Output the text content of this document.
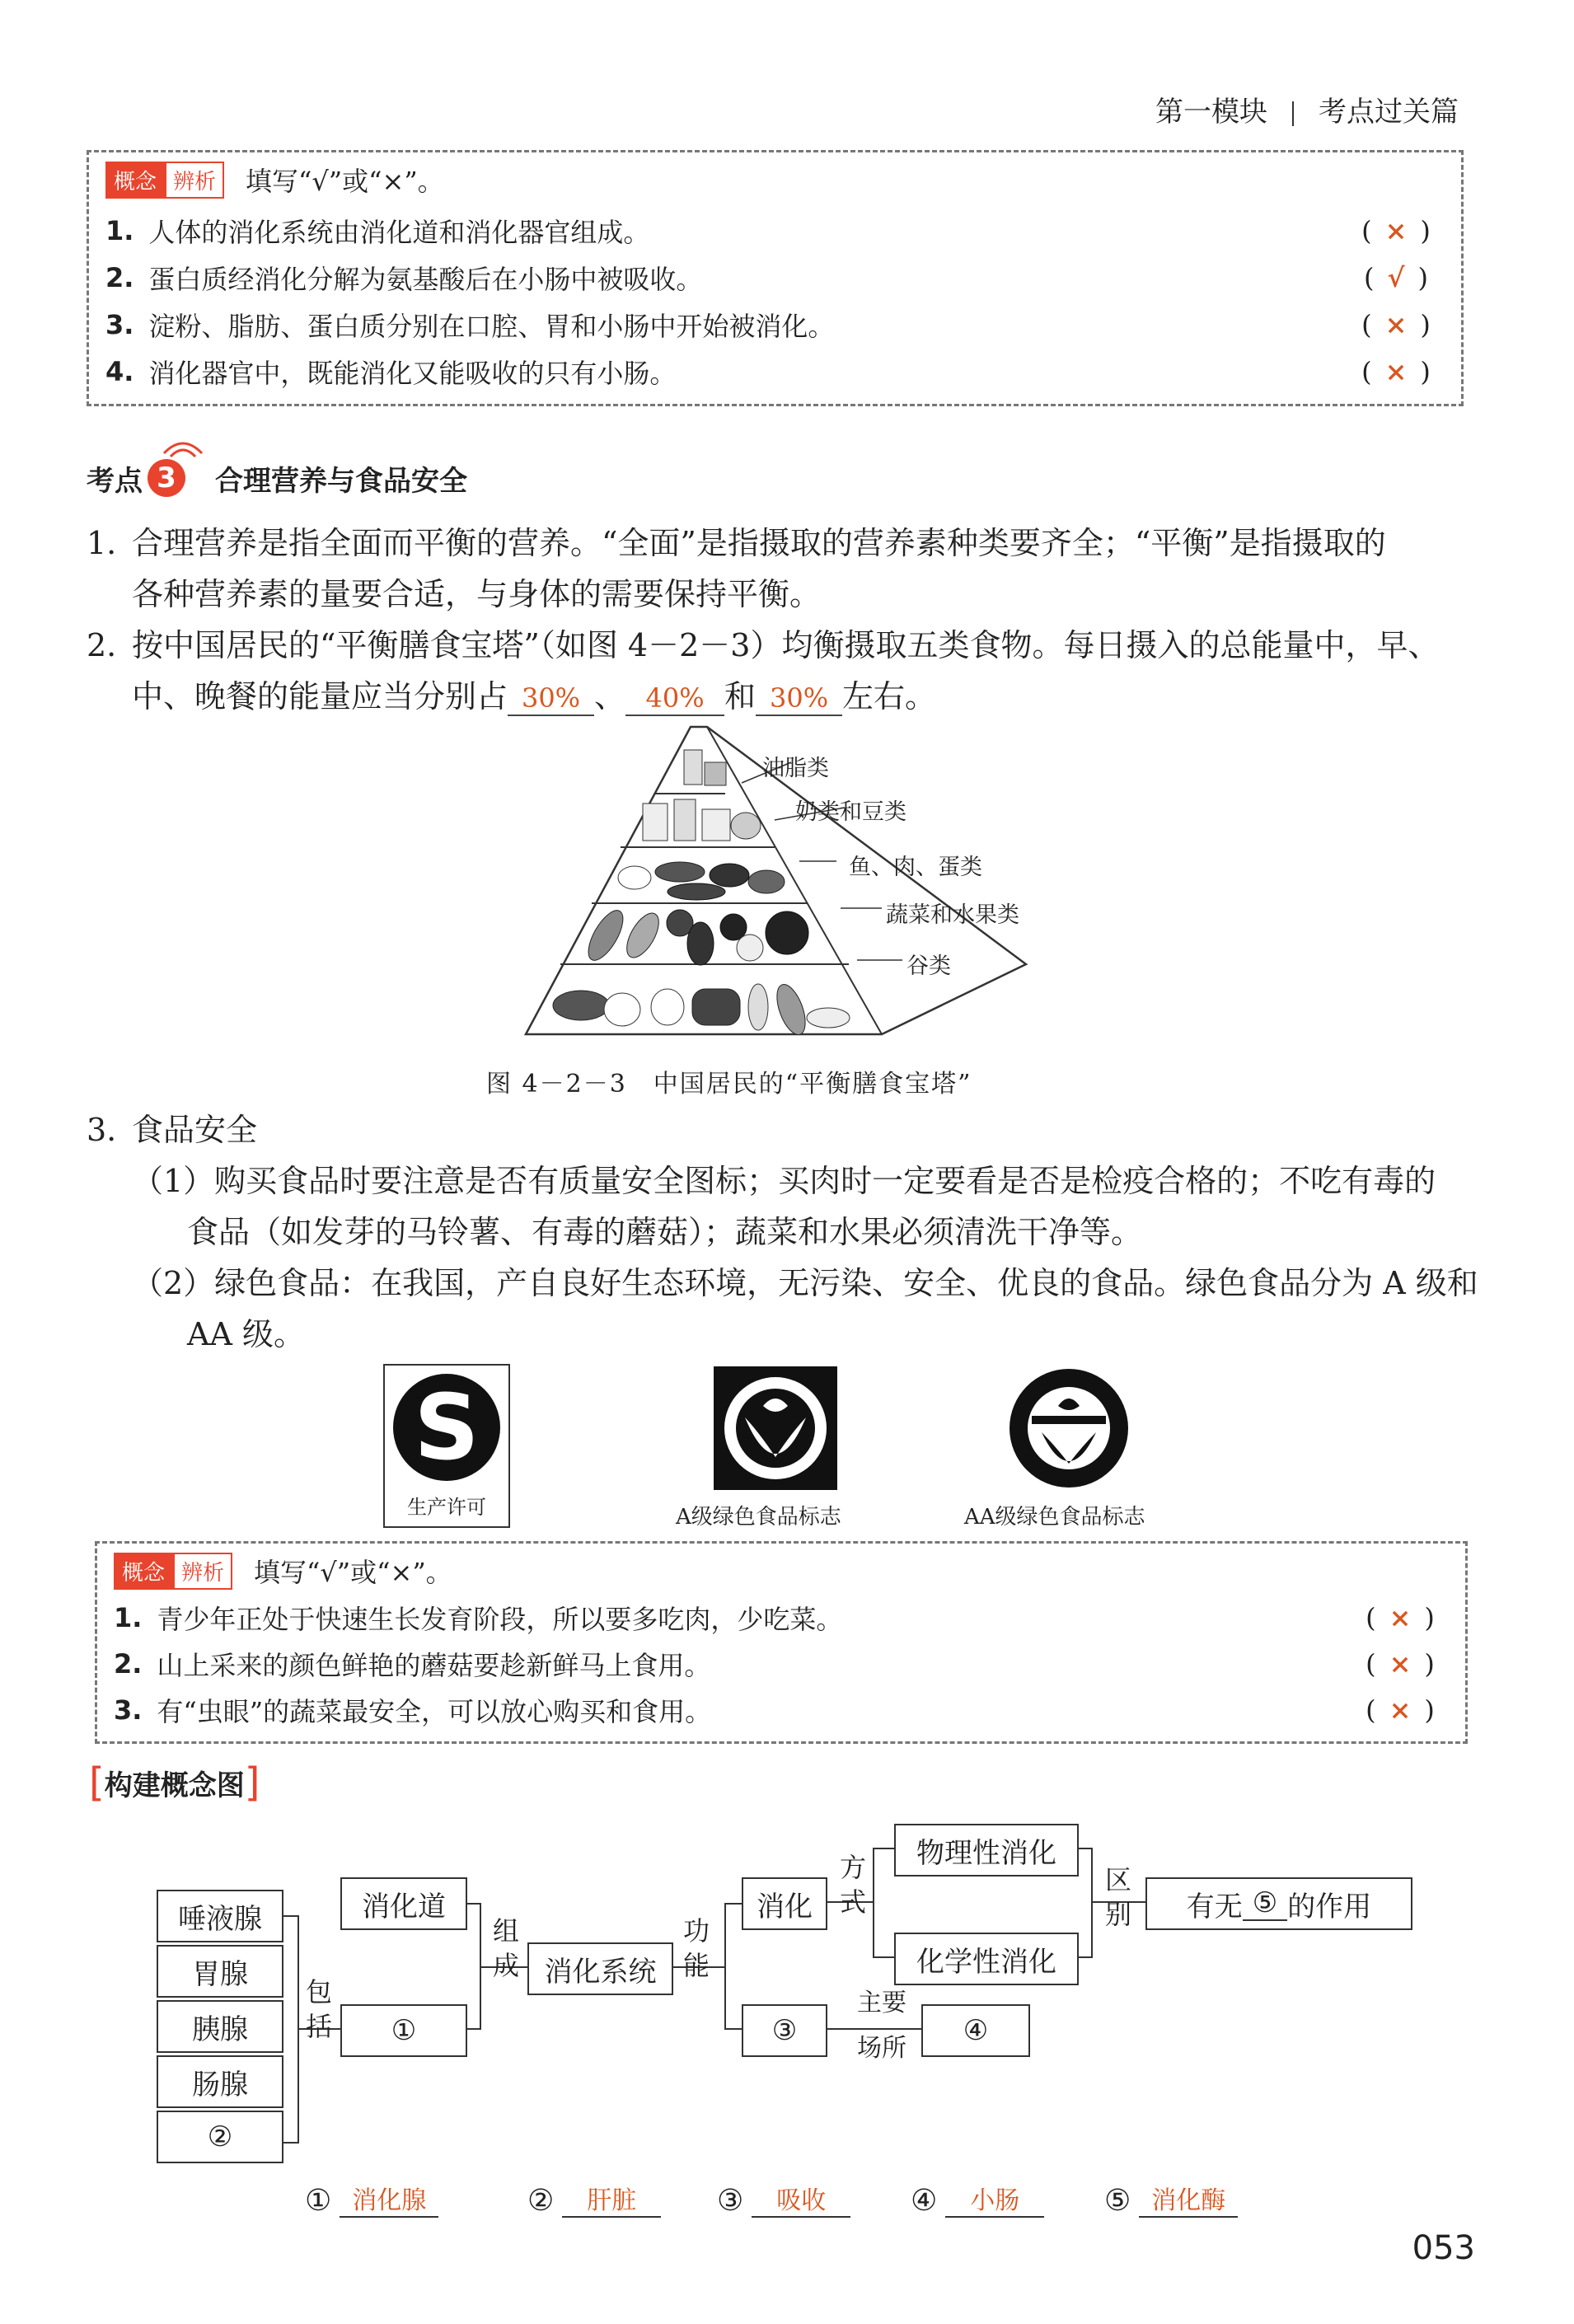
第一模块 考点过关篇
概念 辨析	填写“√”或“×”。
1. 人体的消化系统由消化道和消化器官组成。	( × )
2. 蛋白质经消化分解为氨基酸后在小肠中被吸收。	( √ )
3. 淀粉、脂肪、蛋白质分别在口腔、胃和小肠中开始被消化。	( × )
4. 消化器官中，既能消化又能吸收的只有小肠。	( × )
考点 3	合理营养与食品安全
1. 合理营养是指全面而平衡的营养。“全面”是指摄取的营养素种类要齐全；“平衡”是指摄取的
各种营养素的量要合适，与身体的需要保持平衡。
2. 按中国居民的“平衡膳食宝塔”（如图 4－2－3）均衡摄取五类食物。每日摄入的总能量中，早、
中、晚餐的能量应当分别占 30% 、 40% 和 30% 左右。
油脂类
奶类和豆类
鱼、肉、蛋类
蔬菜和水果类
谷类
图 4－2－3　中国居民的“平衡膳食宝塔”
3. 食品安全
（1）购买食品时要注意是否有质量安全图标；买肉时一定要看是否是检疫合格的；不吃有毒的
食品（如发芽的马铃薯、有毒的蘑菇）；蔬菜和水果必须清洗干净等。
（2）绿色食品：在我国，产自良好生态环境，无污染、安全、优良的食品。绿色食品分为 A 级和
AA 级。
S
生产许可	A级绿色食品标志	AA级绿色食品标志
概念 辨析	填写“√”或“×”。
1. 青少年正处于快速生长发育阶段，所以要多吃肉，少吃菜。	( × )
2. 山上采来的颜色鲜艳的蘑菇要趁新鲜马上食用。	( × )
3. 有“虫眼”的蔬菜最安全，可以放心购买和食用。	( × )
[ 构建概念图 ]
唾液腺
胃腺
胰腺
肠腺
②
包
括
消化道
①
组
成 消化系统
功
能
消化
③
方
式
物理性消化
化学性消化
区
别 有无 ⑤ 的作用
主要
场所
④
① 消化腺	②	肝脏	③	吸收	④	小肠	⑤ 消化酶
053
